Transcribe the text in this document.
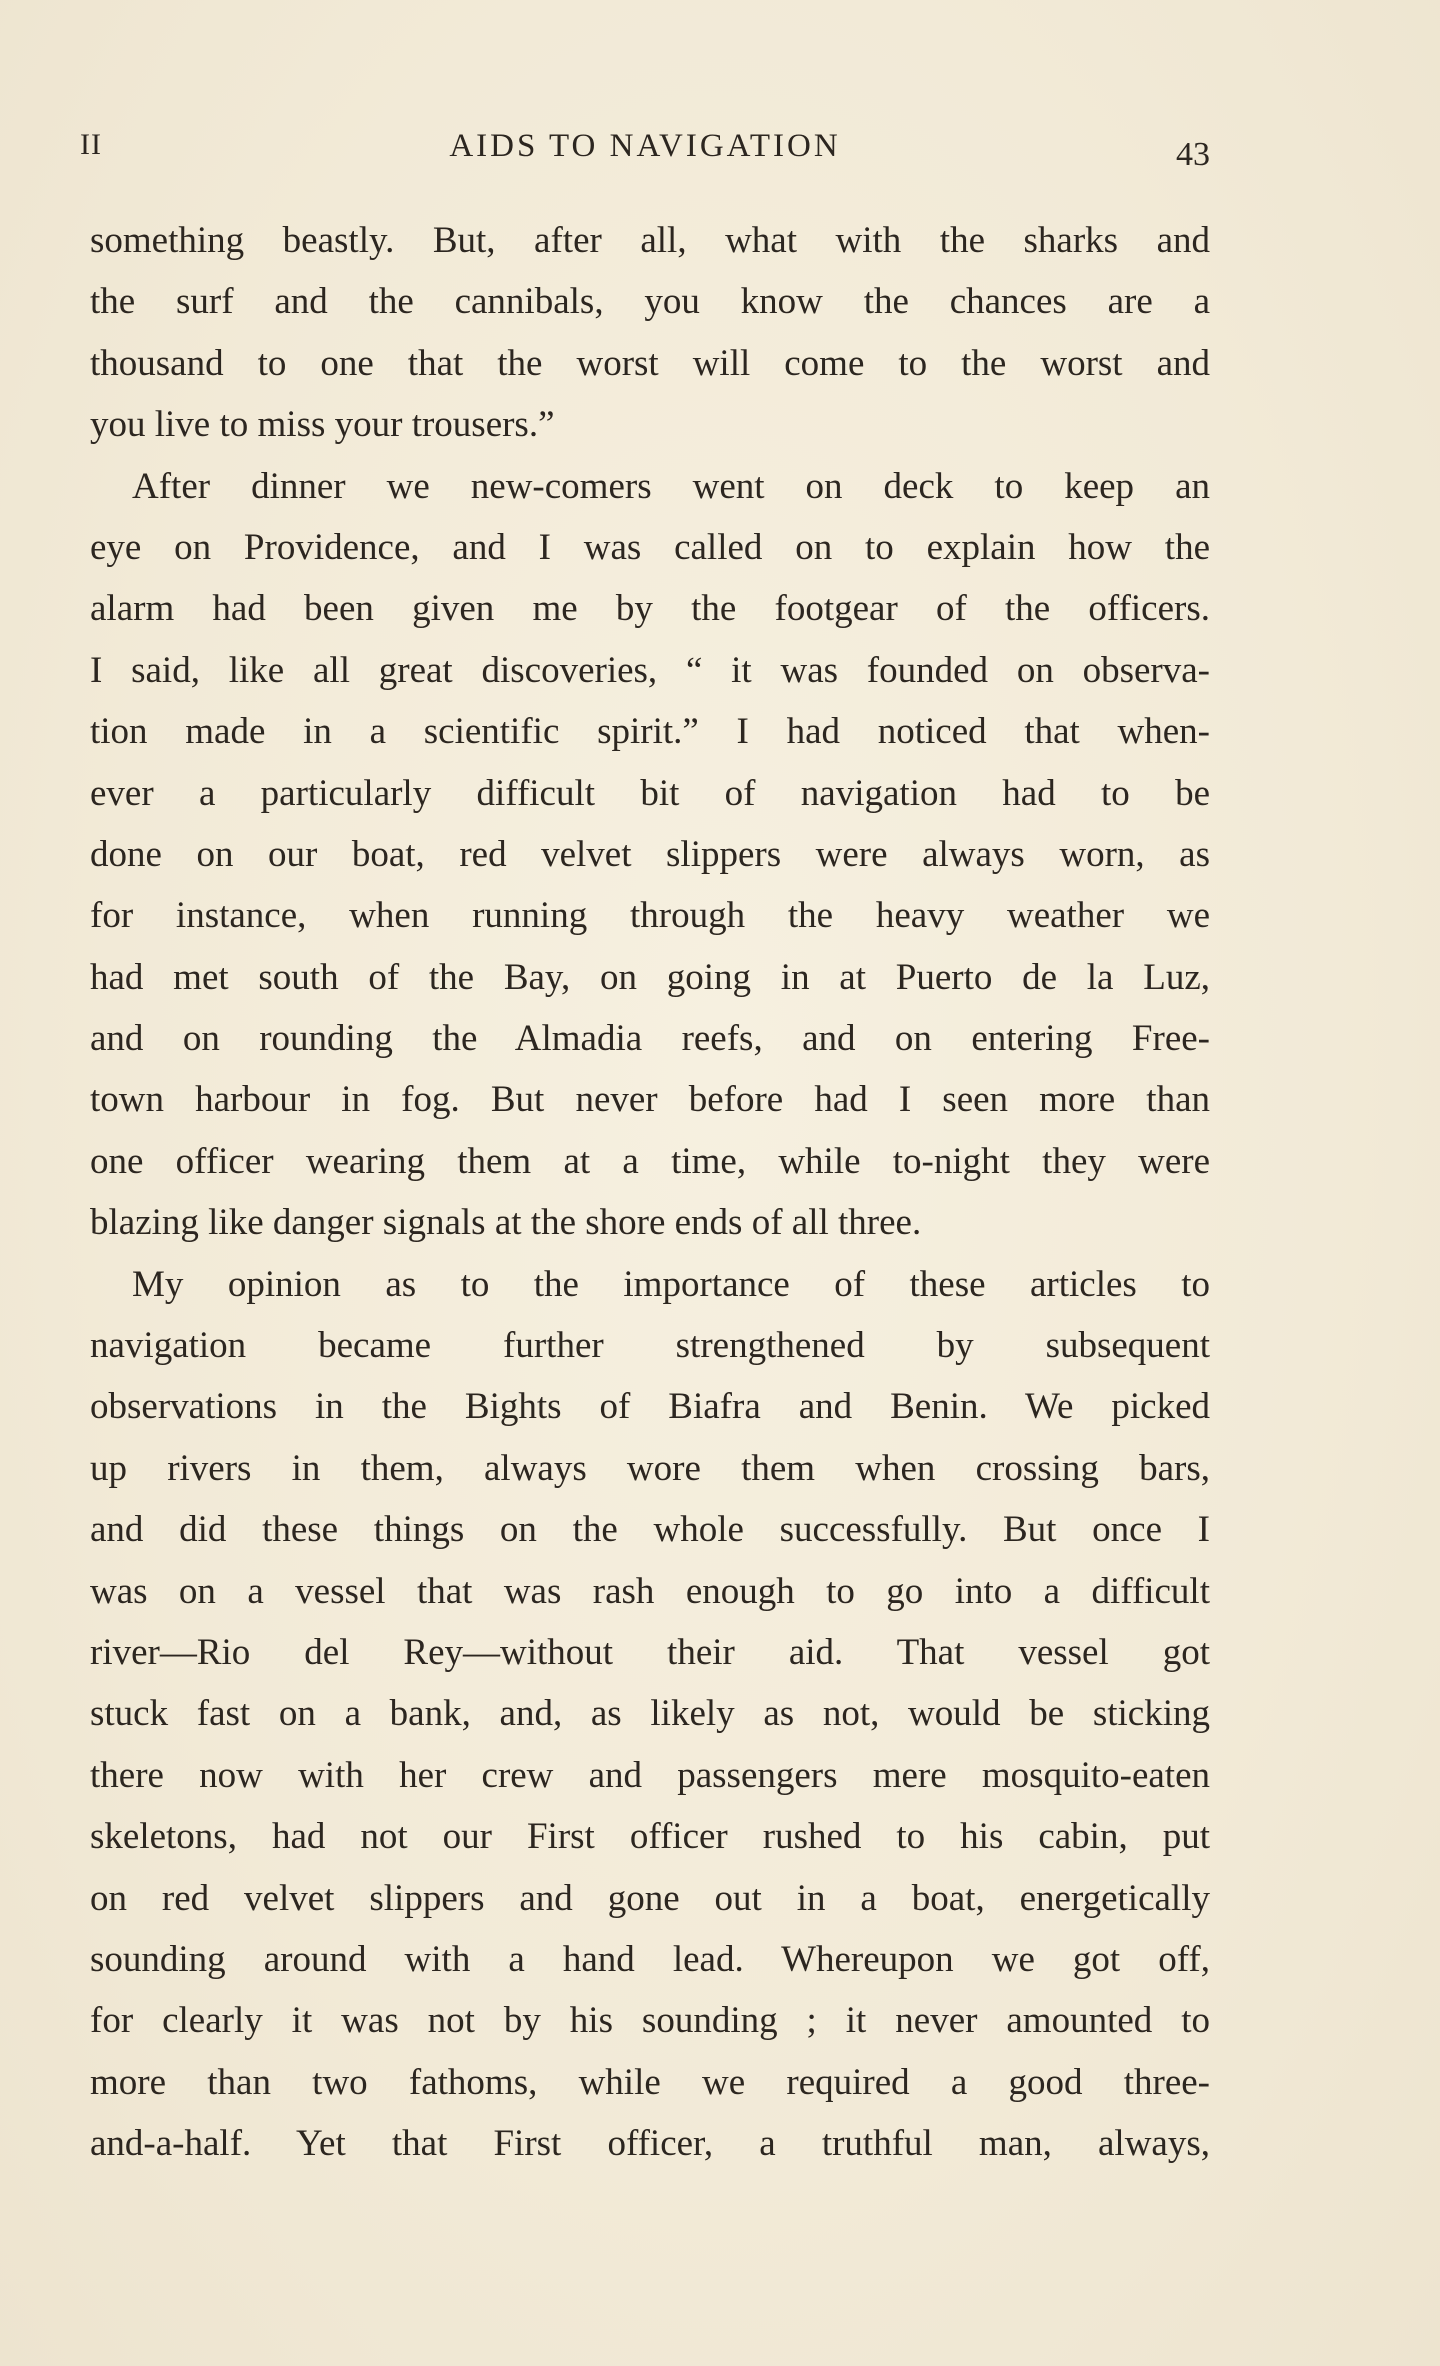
II	AIDS TO NAVIGATION	43
something beastly. But, after all, what with the sharks and
the surf and the cannibals, you know the chances are a
thousand to one that the worst will come to the worst and
you live to miss your trousers.”
After dinner we new-comers went on deck to keep an
eye on Providence, and I was called on to explain how the
alarm had been given me by the footgear of the officers.
I said, like all great discoveries, “ it was founded on observa-
tion made in a scientific spirit.” I had noticed that when-
ever a particularly difficult bit of navigation had to be
done on our boat, red velvet slippers were always worn, as
for instance, when running through the heavy weather we
had met south of the Bay, on going in at Puerto de la Luz,
and on rounding the Almadia reefs, and on entering Free-
town harbour in fog. But never before had I seen more than
one officer wearing them at a time, while to-night they were
blazing like danger signals at the shore ends of all three.
My opinion as to the importance of these articles to
navigation became further strengthened by subsequent
observations in the Bights of Biafra and Benin. We picked
up rivers in them, always wore them when crossing bars,
and did these things on the whole successfully. But once I
was on a vessel that was rash enough to go into a difficult
river—Rio del Rey—without their aid. That vessel got
stuck fast on a bank, and, as likely as not, would be sticking
there now with her crew and passengers mere mosquito-eaten
skeletons, had not our First officer rushed to his cabin, put
on red velvet slippers and gone out in a boat, energetically
sounding around with a hand lead. Whereupon we got off,
for clearly it was not by his sounding ; it never amounted to
more than two fathoms, while we required a good three-
and-a-half. Yet that First officer, a truthful man, always,
